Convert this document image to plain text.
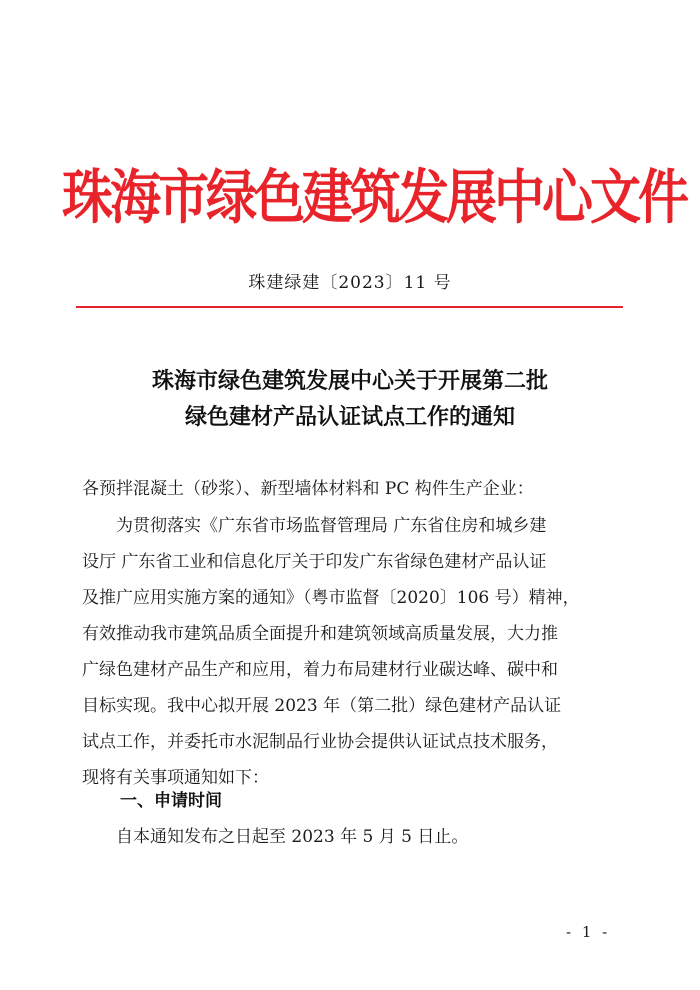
珠海市绿色建筑发展中心文件
珠建绿建〔2023〕11 号
珠海市绿色建筑发展中心关于开展第二批
绿色建材产品认证试点工作的通知
各预拌混凝土（砂浆）、新型墙体材料和 PC 构件生产企业：
　　为贯彻落实《广东省市场监督管理局 广东省住房和城乡建
设厅 广东省工业和信息化厅关于印发广东省绿色建材产品认证
及推广应用实施方案的通知》（粤市监督〔2020〕106 号）精神，
有效推动我市建筑品质全面提升和建筑领域高质量发展，大力推
广绿色建材产品生产和应用，着力布局建材行业碳达峰、碳中和
目标实现。我中心拟开展 2023 年（第二批）绿色建材产品认证
试点工作，并委托市水泥制品行业协会提供认证试点技术服务，
现将有关事项通知如下：
一、申请时间
　　自本通知发布之日起至 2023 年 5 月 5 日止。
- 1 -
